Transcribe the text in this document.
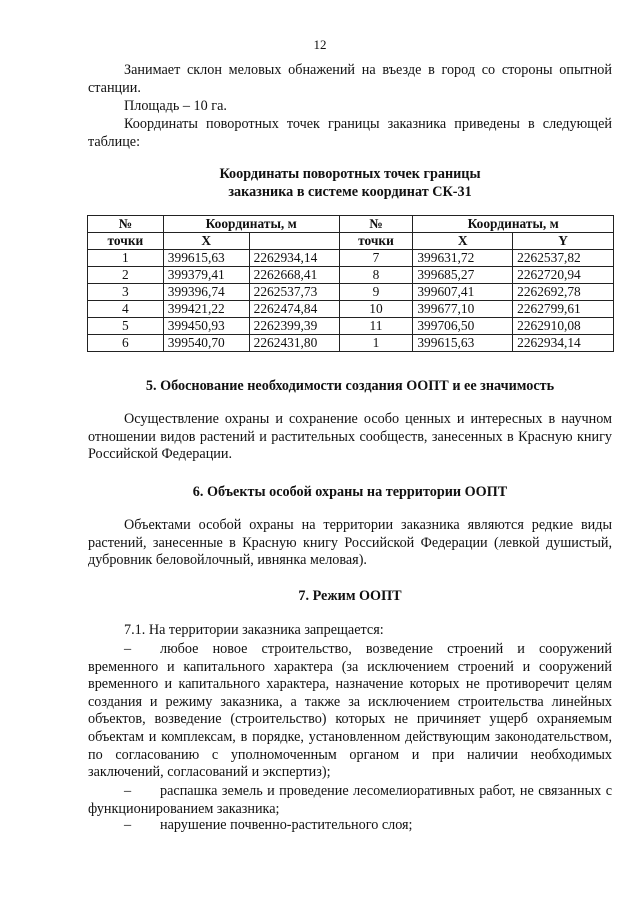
12
Занимает склон меловых обнажений на въезде в город со стороны опытной станции.
Площадь – 10 га.
Координаты поворотных точек границы заказника приведены в следующей таблице:
Координаты поворотных точек границы
заказника в системе координат СК-31
№	Координаты, м		№	Координаты, м	
точки	X		точки	X	Y
1	399615,63	2262934,14	7	399631,72	2262537,82
2	399379,41	2262668,41	8	399685,27	2262720,94
3	399396,74	2262537,73	9	399607,41	2262692,78
4	399421,22	2262474,84	10	399677,10	2262799,61
5	399450,93	2262399,39	11	399706,50	2262910,08
6	399540,70	2262431,80	1	399615,63	2262934,14
5. Обоснование необходимости создания ООПТ и ее значимость
Осуществление охраны и сохранение особо ценных и интересных в научном отношении видов растений и растительных сообществ, занесенных в Красную книгу Российской Федерации.
6. Объекты особой охраны на территории ООПТ
Объектами особой охраны на территории заказника являются редкие виды растений, занесенные в Красную книгу Российской Федерации (левкой душистый, дубровник беловойлочный, ивнянка меловая).
7. Режим ООПТ
7.1. На территории заказника запрещается:
– любое новое строительство, возведение строений и сооружений временного и капитального характера (за исключением строений и сооружений временного и капитального характера, назначение которых не противоречит целям создания и режиму заказника, а также за исключением строительства линейных объектов, возведение (строительство) которых не причиняет ущерб охраняемым объектам и комплексам, в порядке, установленном действующим законодательством, по согласованию с уполномоченным органом и при наличии необходимых заключений, согласований и экспертиз);
– распашка земель и проведение лесомелиоративных работ, не связанных с функционированием заказника;
– нарушение почвенно-растительного слоя;
